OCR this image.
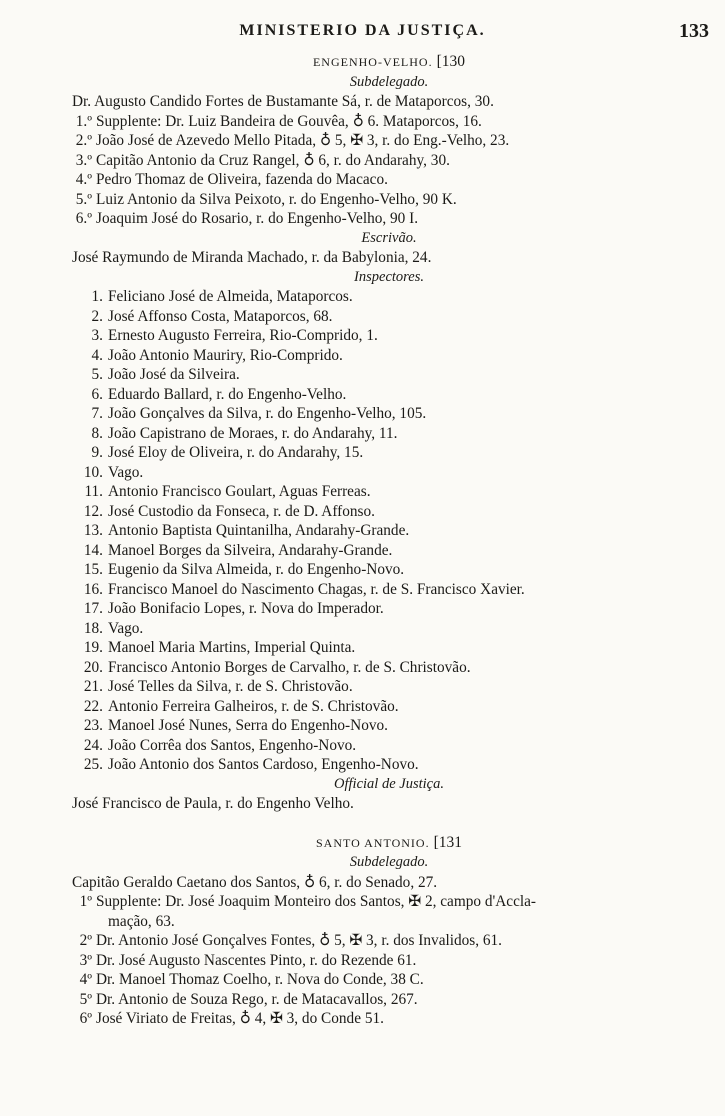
MINISTERIO DA JUSTIÇA.	133
ENGENHO-VELHO. [130
Subdelegado.
Dr. Augusto Candido Fortes de Bustamante Sá, r. de Mataporcos, 30.
1.º Supplente: Dr. Luiz Bandeira de Gouvêa, ♁ 6. Mataporcos, 16.
2.º João José de Azevedo Mello Pitada, ♁ 5, ✠ 3, r. do Eng.-Velho, 23.
3.º Capitão Antonio da Cruz Rangel, ♁ 6, r. do Andarahy, 30.
4.º Pedro Thomaz de Oliveira, fazenda do Macaco.
5.º Luiz Antonio da Silva Peixoto, r. do Engenho-Velho, 90 K.
6.º Joaquim José do Rosario, r. do Engenho-Velho, 90 I.
Escrivão.
José Raymundo de Miranda Machado, r. da Babylonia, 24.
Inspectores.
1. Feliciano José de Almeida, Mataporcos.
2. José Affonso Costa, Mataporcos, 68.
3. Ernesto Augusto Ferreira, Rio-Comprido, 1.
4. João Antonio Mauriry, Rio-Comprido.
5. João José da Silveira.
6. Eduardo Ballard, r. do Engenho-Velho.
7. João Gonçalves da Silva, r. do Engenho-Velho, 105.
8. João Capistrano de Moraes, r. do Andarahy, 11.
9. José Eloy de Oliveira, r. do Andarahy, 15.
10. Vago.
11. Antonio Francisco Goulart, Aguas Ferreas.
12. José Custodio da Fonseca, r. de D. Affonso.
13. Antonio Baptista Quintanilha, Andarahy-Grande.
14. Manoel Borges da Silveira, Andarahy-Grande.
15. Eugenio da Silva Almeida, r. do Engenho-Novo.
16. Francisco Manoel do Nascimento Chagas, r. de S. Francisco Xavier.
17. João Bonifacio Lopes, r. Nova do Imperador.
18. Vago.
19. Manoel Maria Martins, Imperial Quinta.
20. Francisco Antonio Borges de Carvalho, r. de S. Christovão.
21. José Telles da Silva, r. de S. Christovão.
22. Antonio Ferreira Galheiros, r. de S. Christovão.
23. Manoel José Nunes, Serra do Engenho-Novo.
24. João Corrêa dos Santos, Engenho-Novo.
25. João Antonio dos Santos Cardoso, Engenho-Novo.
Official de Justiça.
José Francisco de Paula, r. do Engenho Velho.
SANTO ANTONIO. [131
Subdelegado.
Capitão Geraldo Caetano dos Santos, ♁ 6, r. do Senado, 27.
1º Supplente: Dr. José Joaquim Monteiro dos Santos, ✠ 2, campo d'Accla-
mação, 63.
2º Dr. Antonio José Gonçalves Fontes, ♁ 5, ✠ 3, r. dos Invalidos, 61.
3º Dr. José Augusto Nascentes Pinto, r. do Rezende 61.
4º Dr. Manoel Thomaz Coelho, r. Nova do Conde, 38 C.
5º Dr. Antonio de Souza Rego, r. de Matacavallos, 267.
6º José Viriato de Freitas, ♁ 4, ✠ 3, do Conde 51.
